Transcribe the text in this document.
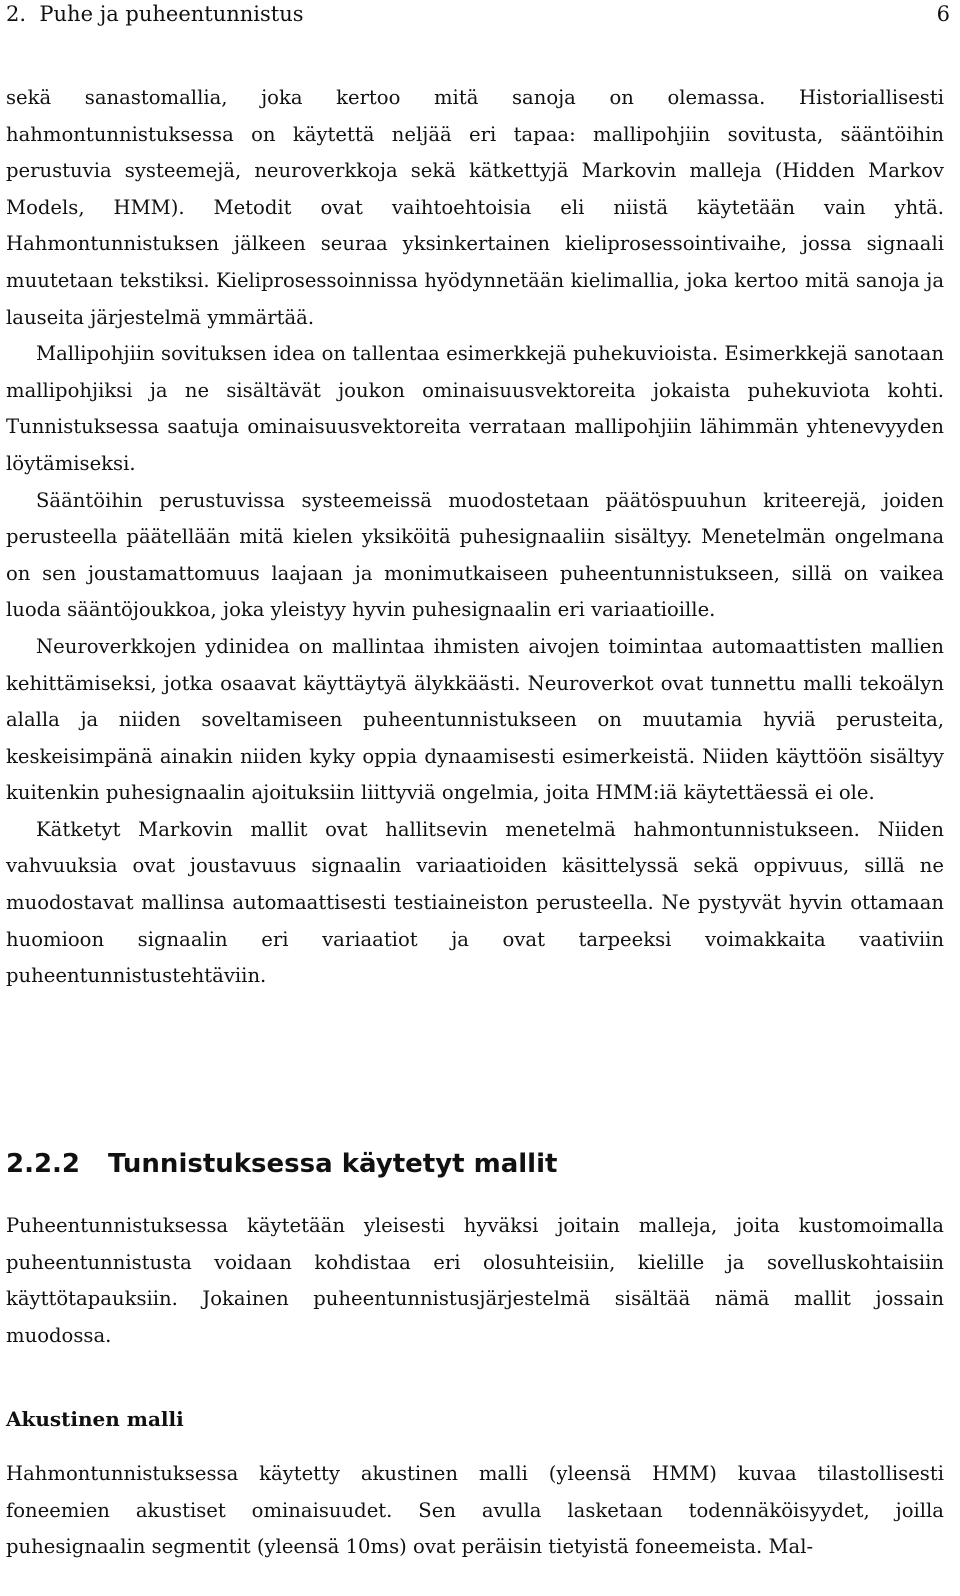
2. Puhe ja puheentunnistus	6

sekä sanastomallia, joka kertoo mitä sanoja on olemassa. Historiallisesti hahmontunnistuksessa on käytettä neljää eri tapaa: mallipohjiin sovitusta, sääntöihin perustuvia systeemejä, neuroverkkoja sekä kätkettyjä Markovin malleja (Hidden Markov Models, HMM). Metodit ovat vaihtoehtoisia eli niistä käytetään vain yhtä. Hahmontunnistuksen jälkeen seuraa yksinkertainen kieliprosessointivaihe, jossa signaali muutetaan tekstiksi. Kieliprosessoinnissa hyödynnetään kielimallia, joka kertoo mitä sanoja ja lauseita järjestelmä ymmärtää.

Mallipohjiin sovituksen idea on tallentaa esimerkkejä puhekuvioista. Esimerkkejä sanotaan mallipohjiksi ja ne sisältävät joukon ominaisuusvektoreita jokaista puhekuviota kohti. Tunnistuksessa saatuja ominaisuusvektoreita verrataan mallipohjiin lähimmän yhtenevyyden löytämiseksi.

Sääntöihin perustuvissa systeemeissä muodostetaan päätöspuuhun kriteerejä, joiden perusteella päätellään mitä kielen yksiköitä puhesignaaliin sisältyy. Menetelmän ongelmana on sen joustamattomuus laajaan ja monimutkaiseen puheentunnistukseen, sillä on vaikea luoda sääntöjoukkoa, joka yleistyy hyvin puhesignaalin eri variaatioille.

Neuroverkkojen ydinidea on mallintaa ihmisten aivojen toimintaa automaattisten mallien kehittämiseksi, jotka osaavat käyttäytyä älykkäästi. Neuroverkot ovat tunnettu malli tekoälyn alalla ja niiden soveltamiseen puheentunnistukseen on muutamia hyviä perusteita, keskeisimpänä ainakin niiden kyky oppia dynaamisesti esimerkeistä. Niiden käyttöön sisältyy kuitenkin puhesignaalin ajoituksiin liittyviä ongelmia, joita HMM:iä käytettäessä ei ole.

Kätketyt Markovin mallit ovat hallitsevin menetelmä hahmontunnistukseen. Niiden vahvuuksia ovat joustavuus signaalin variaatioiden käsittelyssä sekä oppivuus, sillä ne muodostavat mallinsa automaattisesti testiaineiston perusteella. Ne pystyvät hyvin ottamaan huomioon signaalin eri variaatiot ja ovat tarpeeksi voimakkaita vaativiin puheentunnistustehtäviin.

2.2.2 Tunnistuksessa käytetyt mallit

Puheentunnistuksessa käytetään yleisesti hyväksi joitain malleja, joita kustomoimalla puheentunnistusta voidaan kohdistaa eri olosuhteisiin, kielille ja sovelluskohtaisiin käyttötapauksiin. Jokainen puheentunnistusjärjestelmä sisältää nämä mallit jossain muodossa.

Akustinen malli

Hahmontunnistuksessa käytetty akustinen malli (yleensä HMM) kuvaa tilastollisesti foneemien akustiset ominaisuudet. Sen avulla lasketaan todennäköisyydet, joilla puhesignaalin segmentit (yleensä 10ms) ovat peräisin tietyistä foneemeista. Mal-
